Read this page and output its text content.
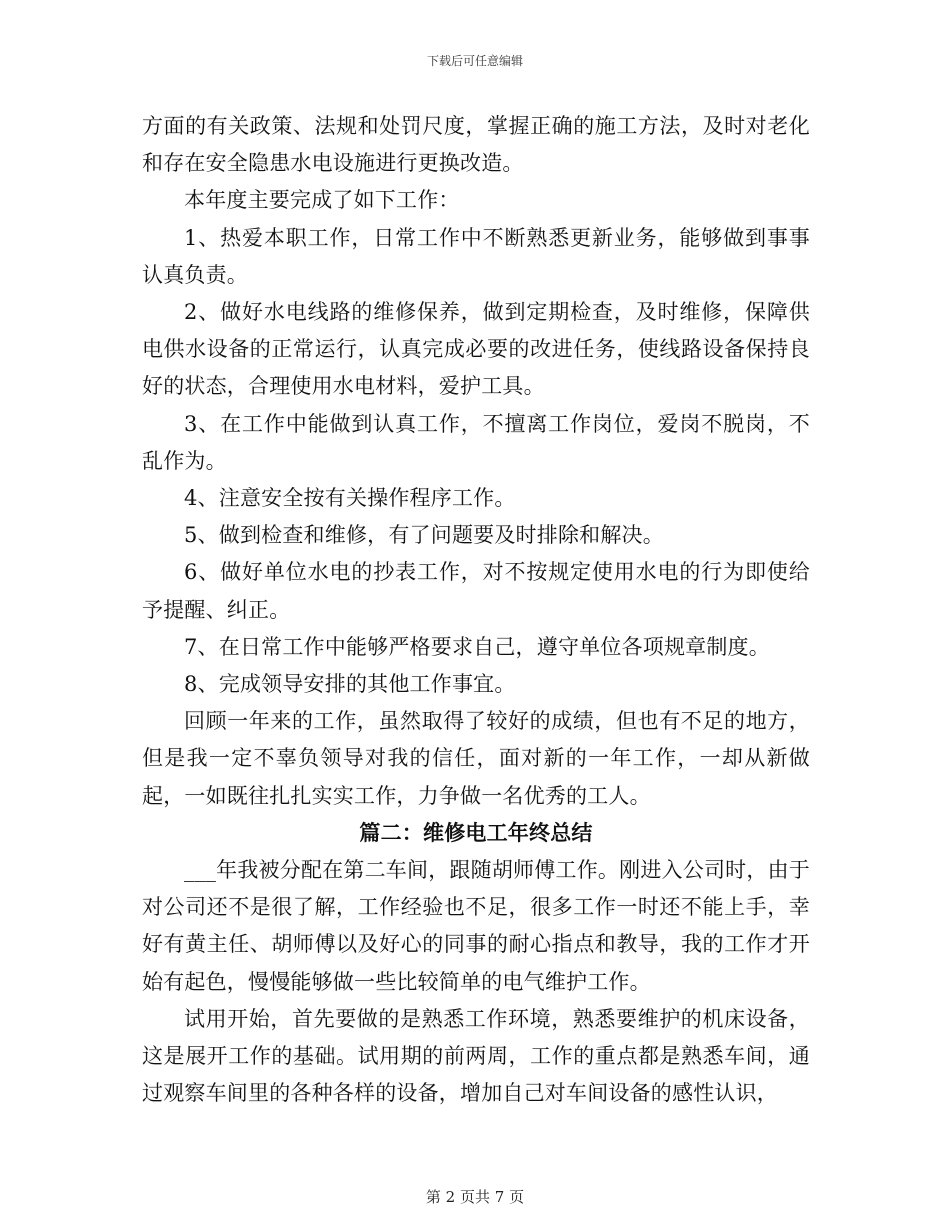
下载后可任意编辑

方面的有关政策、法规和处罚尺度，掌握正确的施工方法，及时对老化和存在安全隐患水电设施进行更换改造。

本年度主要完成了如下工作：

1、热爱本职工作，日常工作中不断熟悉更新业务，能够做到事事认真负责。

2、做好水电线路的维修保养，做到定期检查，及时维修，保障供电供水设备的正常运行，认真完成必要的改进任务，使线路设备保持良好的状态，合理使用水电材料，爱护工具。

3、在工作中能做到认真工作，不擅离工作岗位，爱岗不脱岗，不乱作为。

4、注意安全按有关操作程序工作。

5、做到检查和维修，有了问题要及时排除和解决。

6、做好单位水电的抄表工作，对不按规定使用水电的行为即使给予提醒、纠正。

7、在日常工作中能够严格要求自己，遵守单位各项规章制度。

8、完成领导安排的其他工作事宜。

回顾一年来的工作，虽然取得了较好的成绩，但也有不足的地方，但是我一定不辜负领导对我的信任，面对新的一年工作，一却从新做起，一如既往扎扎实实工作，力争做一名优秀的工人。

篇二：维修电工年终总结

___年我被分配在第二车间，跟随胡师傅工作。刚进入公司时，由于对公司还不是很了解，工作经验也不足，很多工作一时还不能上手，幸好有黄主任、胡师傅以及好心的同事的耐心指点和教导，我的工作才开始有起色，慢慢能够做一些比较简单的电气维护工作。

试用开始，首先要做的是熟悉工作环境，熟悉要维护的机床设备，这是展开工作的基础。试用期的前两周，工作的重点都是熟悉车间，通过观察车间里的各种各样的设备，增加自己对车间设备的感性认识，

第 2 页共 7 页
